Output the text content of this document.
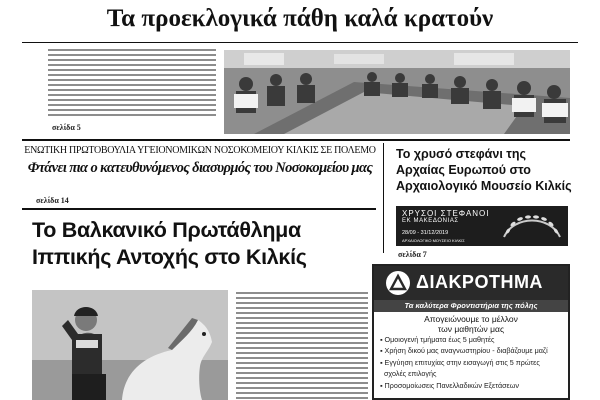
Τα προεκλογικά πάθη καλά κρατούν
σελίδα 5
ΕΝΩΤΙΚΗ ΠΡΩΤΟΒΟΥΛΙΑ ΥΓΕΙΟΝΟΜΙΚΩΝ ΝΟΣΟΚΟΜΕΙΟΥ ΚΙΛΚΙΣ ΣΕ ΠΟΛΕΜΟ
Φτάνει πια ο κατευθυνόμενος διασυρμός του Νοσοκομείου μας
σελίδα 14
Το χρυσό στεφάνι της
Αρχαίας Ευρωπού στο
Αρχαιολογικό Μουσείο Κιλκίς
ΧΡΥΣΟΙ ΣΤΕΦΑΝΟΙ
ΕΚ ΜΑΚΕΔΟΝΙΑΣ
28/09 - 31/12/2019
ΑΡΧΑΙΟΛΟΓΙΚΟ ΜΟΥΣΕΙΟ ΚΙΛΚΙΣ
σελίδα 7
Το Βαλκανικό Πρωτάθλημα
Ιππικής Αντοχής στο Κιλκίς
ΔΙΑΚΡΟΤΗΜΑ
Τα καλύτερα Φροντιστήρια της πόλης
Απογειώνουμε το μέλλον
των μαθητών μας
▪ Ομοιογενή τμήματα έως 5 μαθητές
▪ Χρήση δικού μας αναγνωστηρίου - διαβάζουμε μαζί
▪ Εγγύηση επιτυχίας στην εισαγωγή στις 5 πρώτες
σχολές επιλογής
▪ Προσομοίωσεις Πανελλαδικών Εξετάσεων
